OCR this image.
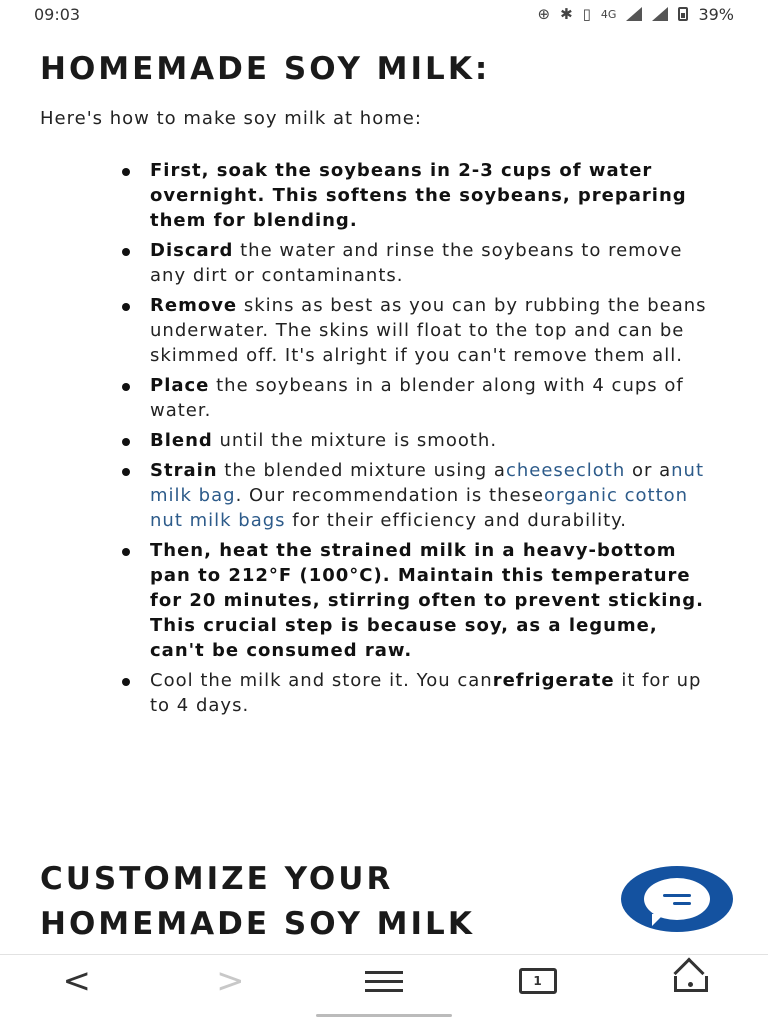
09:03	⊕ ✱ ▯ 4G	39%
HOMEMADE SOY MILK:

Here's how to make soy milk at home:

First, soak the soybeans in 2-3 cups of water overnight. This softens the soybeans, preparing them for blending.
Discard the water and rinse the soybeans to remove any dirt or contaminants.
Remove skins as best as you can by rubbing the beans underwater. The skins will float to the top and can be skimmed off. It's alright if you can't remove them all.
Place the soybeans in a blender along with 4 cups of water.
Blend until the mixture is smooth.
Strain the blended mixture using acheesecloth or anut milk bag. Our recommendation is theseorganic cotton nut milk bags for their efficiency and durability.
Then, heat the strained milk in a heavy-bottom pan to 212°F (100°C). Maintain this temperature for 20 minutes, stirring often to prevent sticking. This crucial step is because soy, as a legume, can't be consumed raw.
Cool the milk and store it. You canrefrigerate it for up to 4 days.
CUSTOMIZE YOUR
HOMEMADE SOY MILK
<	>	1
